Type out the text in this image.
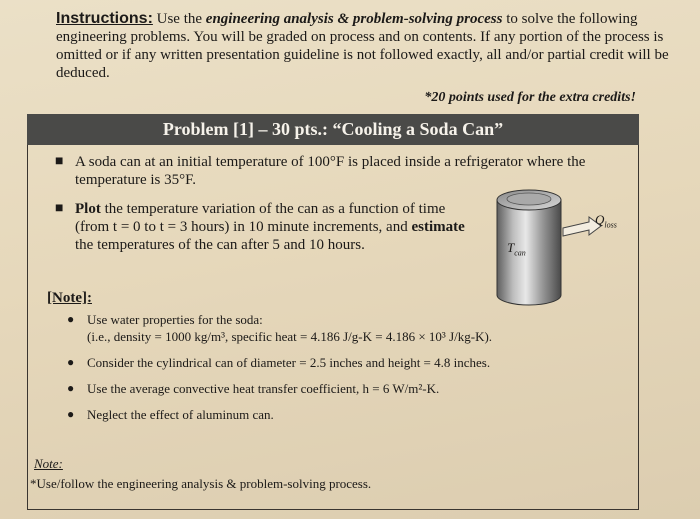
Instructions: Use the engineering analysis & problem-solving process to solve the following engineering problems. You will be graded on process and on contents. If any portion of the process is omitted or if any written presentation guideline is not followed exactly, all and/or partial credit will be deduced.
*20 points used for the extra credits!
Problem [1] – 30 pts.: “Cooling a Soda Can”
■ A soda can at an initial temperature of 100°F is placed inside a refrigerator where the temperature is 35°F.
■ Plot the temperature variation of the can as a function of time (from t = 0 to t = 3 hours) in 10 minute increments, and estimate the temperatures of the can after 5 and 10 hours.	$T_{can}$
$Q_{loss}$
[Note]:
● Use water properties for the soda:
(i.e., density = 1000 kg/m³, specific heat = 4.186 J/g-K = 4.186 × 10³ J/kg-K).
● Consider the cylindrical can of diameter = 2.5 inches and height = 4.8 inches.
● Use the average convective heat transfer coefficient, h = 6 W/m²-K.
● Neglect the effect of aluminum can.
Note:
*Use/follow the engineering analysis & problem-solving process.
